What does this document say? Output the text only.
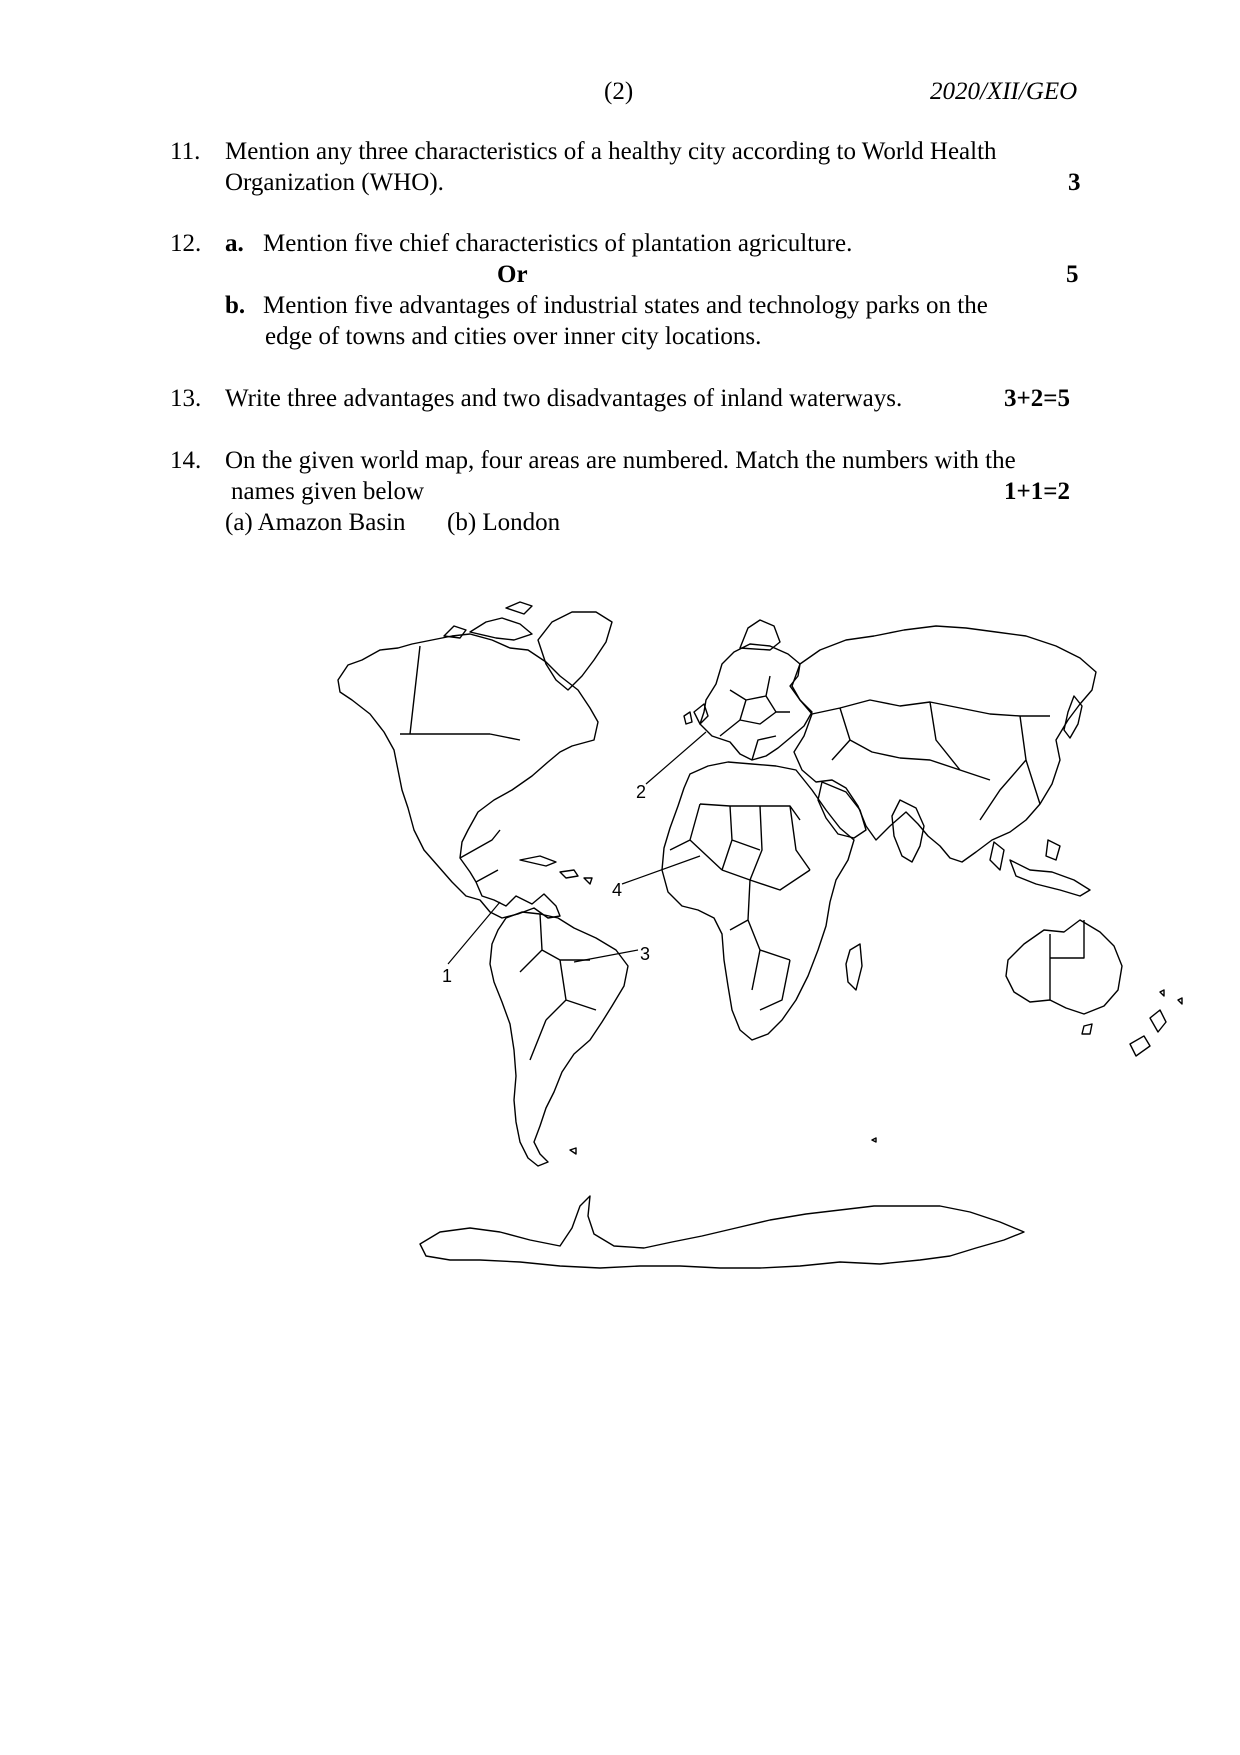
(2)	2020/XII/GEO
11. Mention any three characteristics of a healthy city according to World Health
Organization (WHO).	3
12. a. Mention five chief characteristics of plantation agriculture.
Or	5
b. Mention five advantages of industrial states and technology parks on the
edge of towns and cities over inner city locations.
13. Write three advantages and two disadvantages of inland waterways.	3+2=5
14. On the given world map, four areas are numbered. Match the numbers with the
names given below	1+1=2
(a) Amazon Basin (b) London
1
2
3
4
